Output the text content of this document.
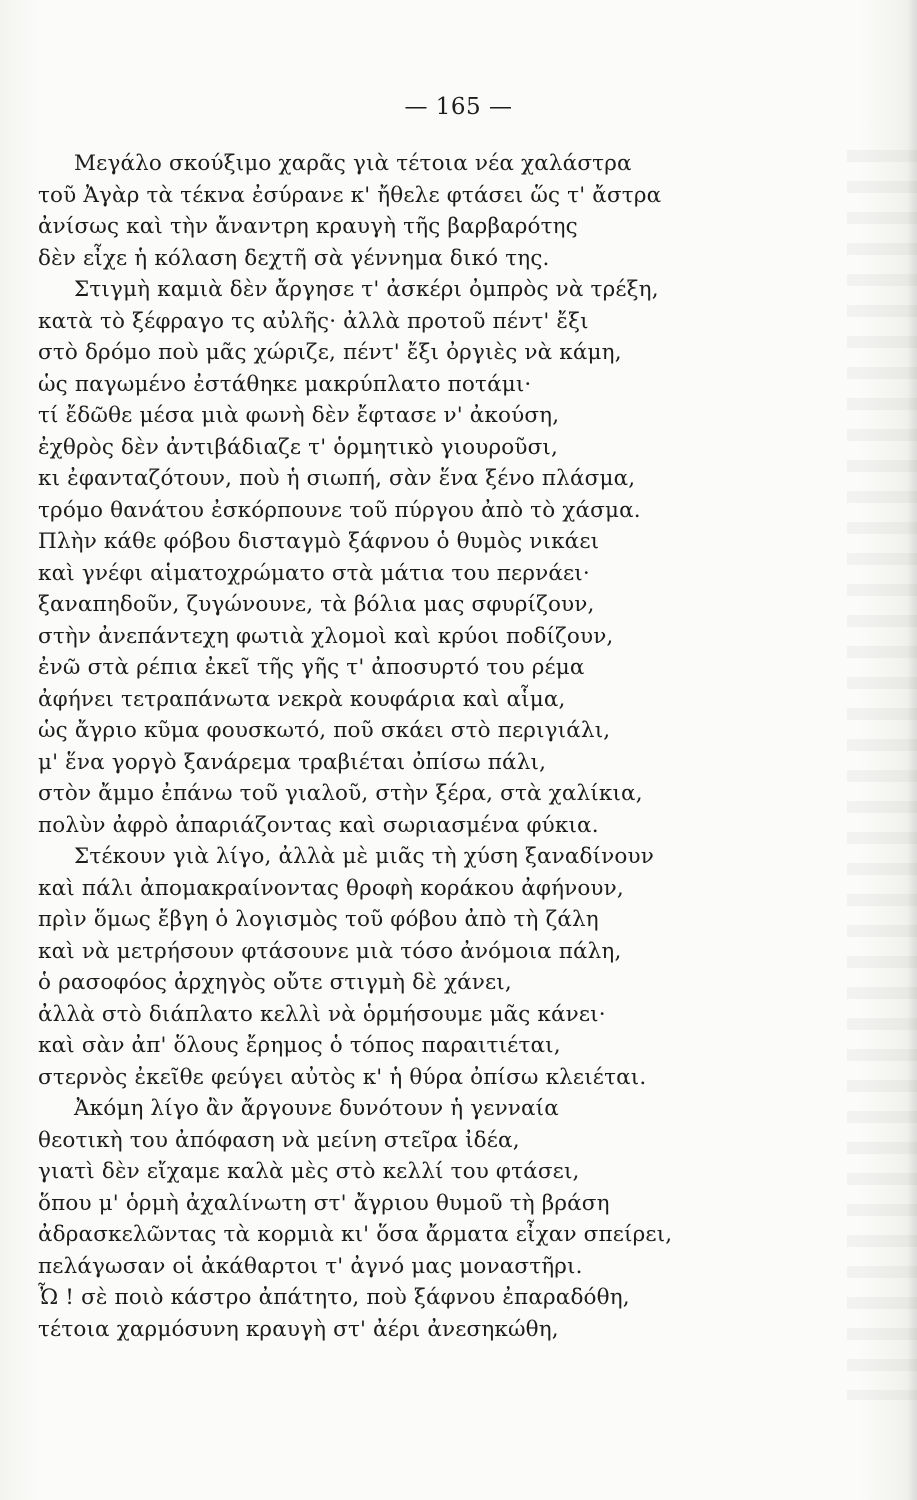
— 165 —
Μεγάλο σκούξιμο χαρᾶς γιὰ τέτοια νέα χαλάστρα
τοῦ Ἀγὰρ τὰ τέκνα ἐσύρανε κ' ἤθελε φτάσει ὥς τ' ἄστρα
ἀνίσως καὶ τὴν ἄναντρη κραυγὴ τῆς βαρβαρότης
δὲν εἶχε ἡ κόλαση δεχτῆ σὰ γέννημα δικό της.
Στιγμὴ καμιὰ δὲν ἄργησε τ' ἀσκέρι ὀμπρὸς νὰ τρέξη,
κατὰ τὸ ξέφραγο τς αὐλῆς· ἀλλὰ προτοῦ πέντ' ἔξι
στὸ δρόμο ποὺ μᾶς χώριζε, πέντ' ἔξι ὀργιὲς νὰ κάμη,
ὡς παγωμένο ἐστάθηκε μακρύπλατο ποτάμι·
τί ἔδῶθε μέσα μιὰ φωνὴ δὲν ἔφτασε ν' ἀκούση,
ἐχθρὸς δὲν ἀντιβάδιαζε τ' ὁρμητικὸ γιουροῦσι,
κι ἐφανταζότουν, ποὺ ἡ σιωπή, σὰν ἕνα ξένο πλάσμα,
τρόμο θανάτου ἐσκόρπουνε τοῦ πύργου ἀπὸ τὸ χάσμα.
Πλὴν κάθε φόβου δισταγμὸ ξάφνου ὁ θυμὸς νικάει
καὶ γνέφι αἱματοχρώματο στὰ μάτια του περνάει·
ξαναπηδοῦν, ζυγώνουνε, τὰ βόλια μας σφυρίζουν,
στὴν ἀνεπάντεχη φωτιὰ χλομοὶ καὶ κρύοι ποδίζουν,
ἐνῶ στὰ ρέπια ἐκεῖ τῆς γῆς τ' ἀποσυρτό του ρέμα
ἀφήνει τετραπάνωτα νεκρὰ κουφάρια καὶ αἷμα,
ὡς ἄγριο κῦμα φουσκωτό, ποῦ σκάει στὸ περιγιάλι,
μ' ἕνα γοργὸ ξανάρεμα τραβιέται ὀπίσω πάλι,
στὸν ἄμμο ἐπάνω τοῦ γιαλοῦ, στὴν ξέρα, στὰ χαλίκια,
πολὺν ἀφρὸ ἀπαριάζοντας καὶ σωριασμένα φύκια.
Στέκουν γιὰ λίγο, ἀλλὰ μὲ μιᾶς τὴ χύση ξαναδίνουν
καὶ πάλι ἀπομακραίνοντας θροφὴ κοράκου ἀφήνουν,
πρὶν ὅμως ἔβγη ὁ λογισμὸς τοῦ φόβου ἀπὸ τὴ ζάλη
καὶ νὰ μετρήσουν φτάσουνε μιὰ τόσο ἀνόμοια πάλη,
ὁ ρασοφόος ἀρχηγὸς οὔτε στιγμὴ δὲ χάνει,
ἀλλὰ στὸ διάπλατο κελλὶ νὰ ὁρμήσουμε μᾶς κάνει·
καὶ σὰν ἀπ' ὅλους ἔρημος ὁ τόπος παραιτιέται,
στερνὸς ἐκεῖθε φεύγει αὐτὸς κ' ἡ θύρα ὀπίσω κλειέται.
Ἀκόμη λίγο ἂν ἄργουνε δυνότουν ἡ γενναία
θεοτικὴ του ἀπόφαση νὰ μείνη στεῖρα ἰδέα,
γιατὶ δὲν εἴχαμε καλὰ μὲς στὸ κελλί του φτάσει,
ὅπου μ' ὁρμὴ ἀχαλίνωτη στ' ἄγριου θυμοῦ τὴ βράση
ἀδρασκελῶντας τὰ κορμιὰ κι' ὅσα ἄρματα εἶχαν σπείρει,
πελάγωσαν οἱ ἀκάθαρτοι τ' ἀγνό μας μοναστῆρι.
Ὦ ! σὲ ποιὸ κάστρο ἀπάτητο, ποὺ ξάφνου ἐπαραδόθη,
τέτοια χαρμόσυνη κραυγὴ στ' ἀέρι ἀνεσηκώθη,
